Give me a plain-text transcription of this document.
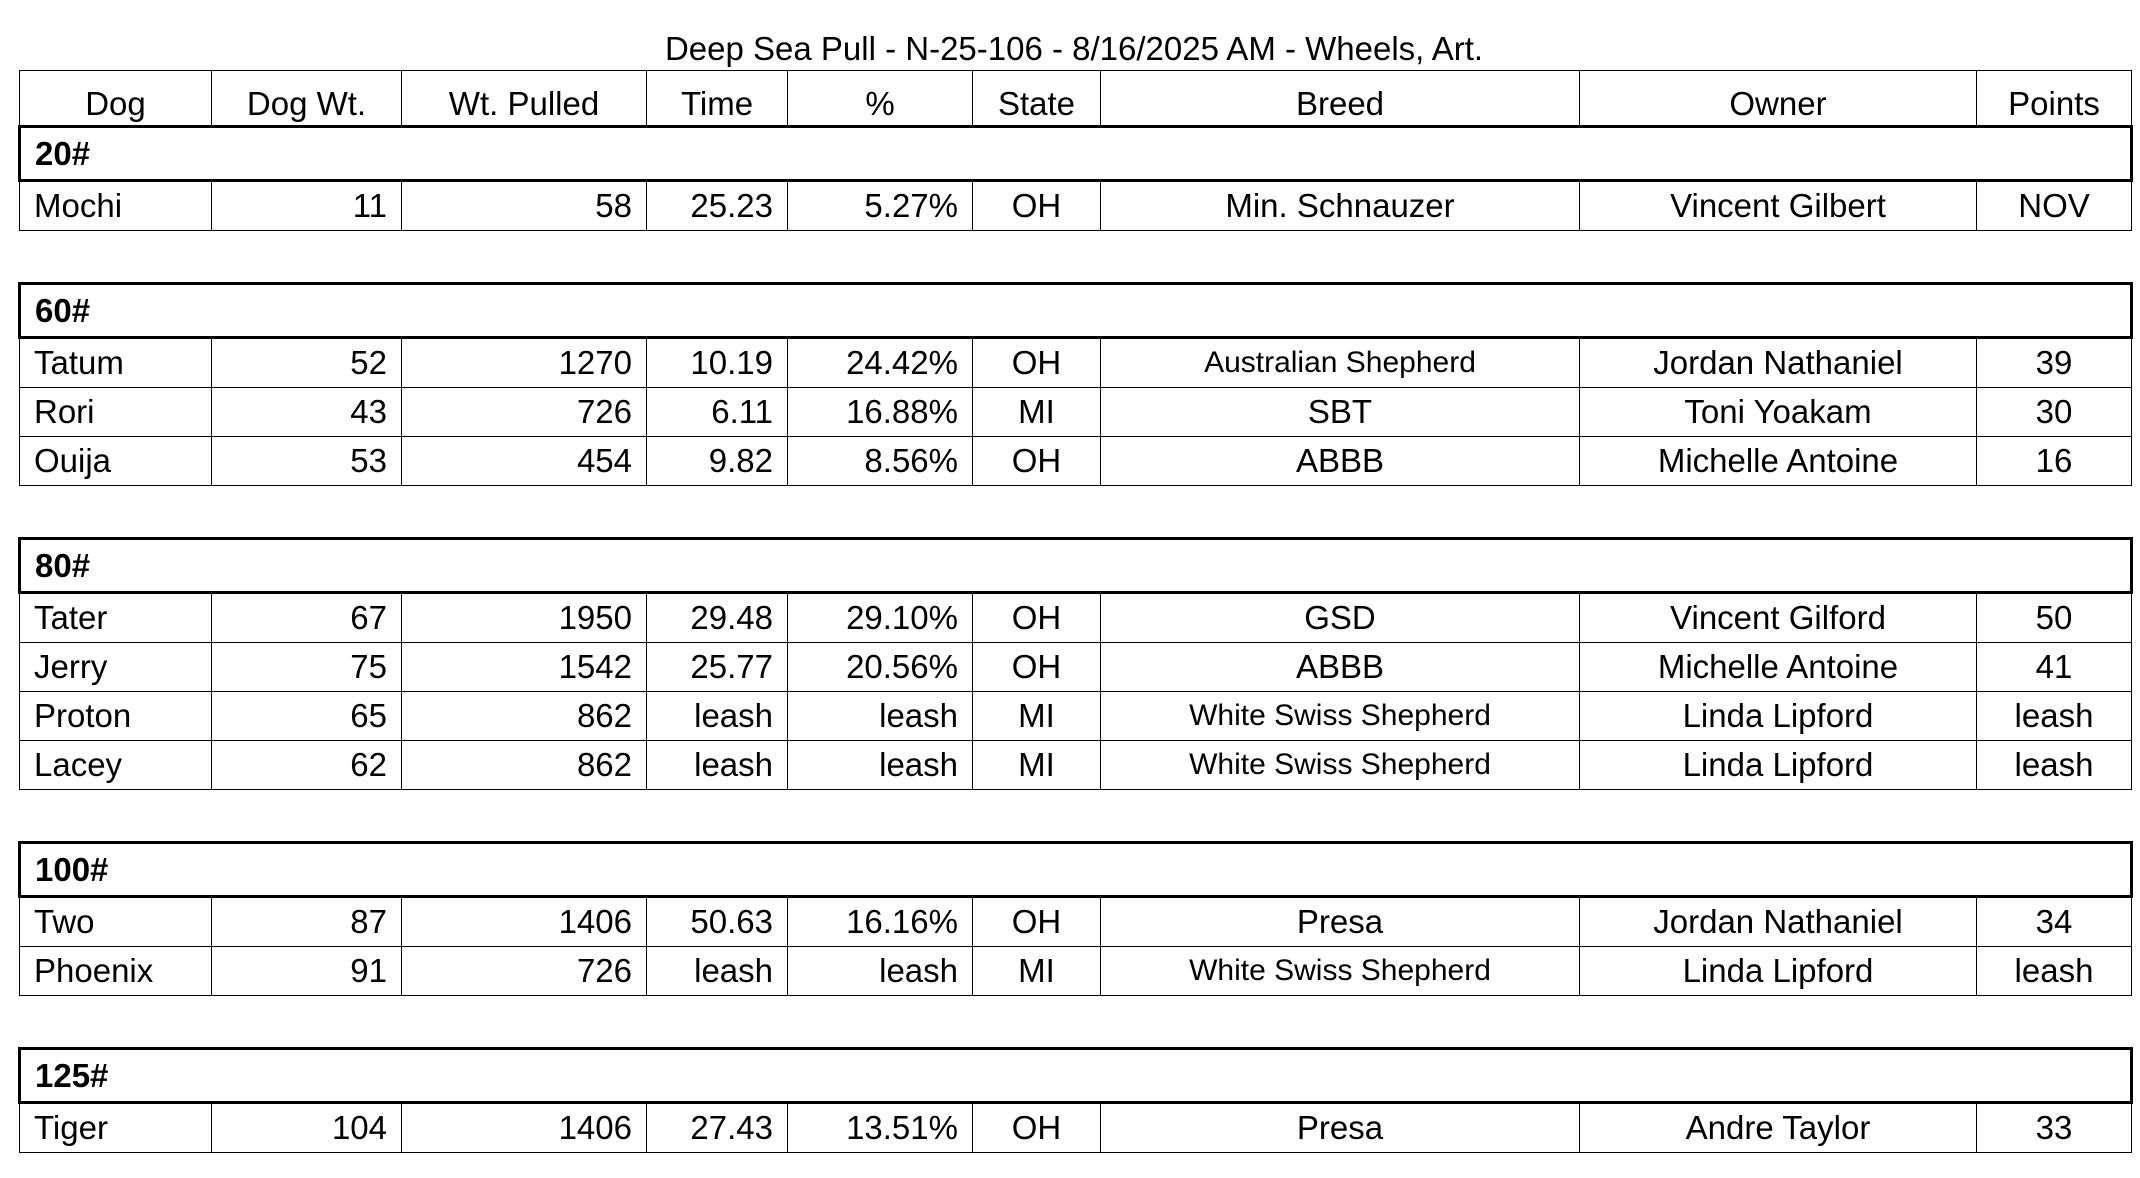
Deep Sea Pull - N-25-106 - 8/16/2025 AM - Wheels, Art.
Dog	Dog Wt.	Wt. Pulled	Time	%	State	Breed	Owner	Points
20#								
Mochi	11	58	25.23	5.27%	OH	Min. Schnauzer	Vincent Gilbert	NOV

60#								
Tatum	52	1270	10.19	24.42%	OH	Australian Shepherd	Jordan Nathaniel	39
Rori	43	726	6.11	16.88%	MI	SBT	Toni Yoakam	30
Ouija	53	454	9.82	8.56%	OH	ABBB	Michelle Antoine	16

80#								
Tater	67	1950	29.48	29.10%	OH	GSD	Vincent Gilford	50
Jerry	75	1542	25.77	20.56%	OH	ABBB	Michelle Antoine	41
Proton	65	862	leash	leash	MI	White Swiss Shepherd	Linda Lipford	leash
Lacey	62	862	leash	leash	MI	White Swiss Shepherd	Linda Lipford	leash

100#								
Two	87	1406	50.63	16.16%	OH	Presa	Jordan Nathaniel	34
Phoenix	91	726	leash	leash	MI	White Swiss Shepherd	Linda Lipford	leash

125#								
Tiger	104	1406	27.43	13.51%	OH	Presa	Andre Taylor	33
